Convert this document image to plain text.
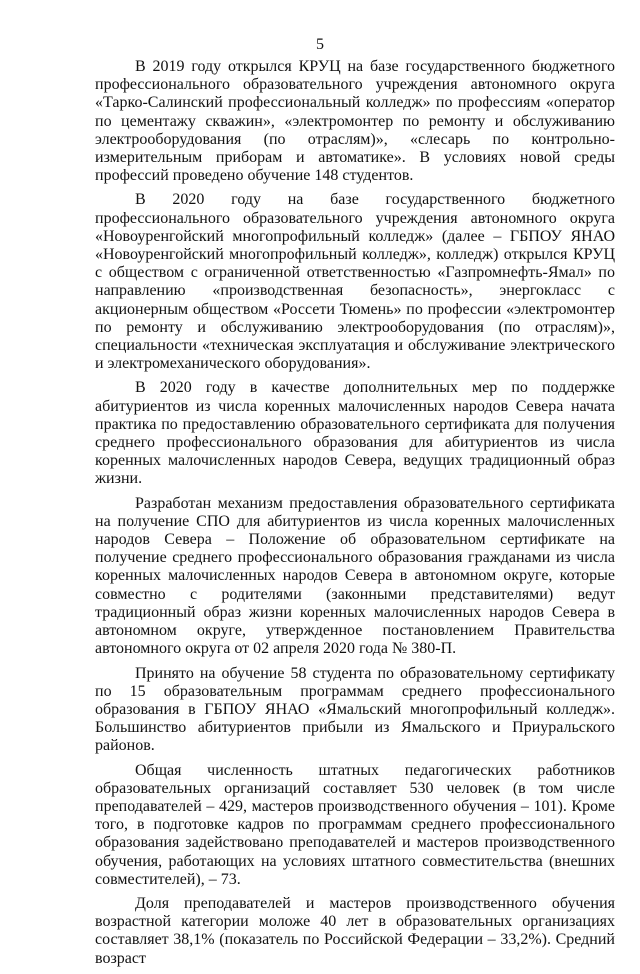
5

В 2019 году открылся КРУЦ на базе государственного бюджетного профессионального образовательного учреждения автономного округа «Тарко-Салинский профессиональный колледж» по профессиям «оператор по цементажу скважин», «электромонтер по ремонту и обслуживанию электрооборудования (по отраслям)», «слесарь по контрольно-измерительным приборам и автоматике». В условиях новой среды профессий проведено обучение 148 студентов.

В 2020 году на базе государственного бюджетного профессионального образовательного учреждения автономного округа «Новоуренгойский многопрофильный колледж» (далее – ГБПОУ ЯНАО «Новоуренгойский многопрофильный колледж», колледж) открылся КРУЦ с обществом с ограниченной ответственностью «Газпромнефть-Ямал» по направлению «производственная безопасность», энергокласс с акционерным обществом «Россети Тюмень» по профессии «электромонтер по ремонту и обслуживанию электрооборудования (по отраслям)», специальности «техническая эксплуатация и обслуживание электрического и электромеханического оборудования».

В 2020 году в качестве дополнительных мер по поддержке абитуриентов из числа коренных малочисленных народов Севера начата практика по предоставлению образовательного сертификата для получения среднего профессионального образования для абитуриентов из числа коренных малочисленных народов Севера, ведущих традиционный образ жизни.

Разработан механизм предоставления образовательного сертификата на получение СПО для абитуриентов из числа коренных малочисленных народов Севера – Положение об образовательном сертификате на получение среднего профессионального образования гражданами из числа коренных малочисленных народов Севера в автономном округе, которые совместно с родителями (законными представителями) ведут традиционный образ жизни коренных малочисленных народов Севера в автономном округе, утвержденное постановлением Правительства автономного округа от 02 апреля 2020 года № 380-П.

Принято на обучение 58 студента по образовательному сертификату по 15 образовательным программам среднего профессионального образования в ГБПОУ ЯНАО «Ямальский многопрофильный колледж». Большинство абитуриентов прибыли из Ямальского и Приуральского районов.

Общая численность штатных педагогических работников образовательных организаций составляет 530 человек (в том числе преподавателей – 429, мастеров производственного обучения – 101). Кроме того, в подготовке кадров по программам среднего профессионального образования задействовано преподавателей и мастеров производственного обучения, работающих на условиях штатного совместительства (внешних совместителей), – 73.

Доля преподавателей и мастеров производственного обучения возрастной категории моложе 40 лет в образовательных организациях составляет 38,1% (показатель по Российской Федерации – 33,2%). Средний возраст
